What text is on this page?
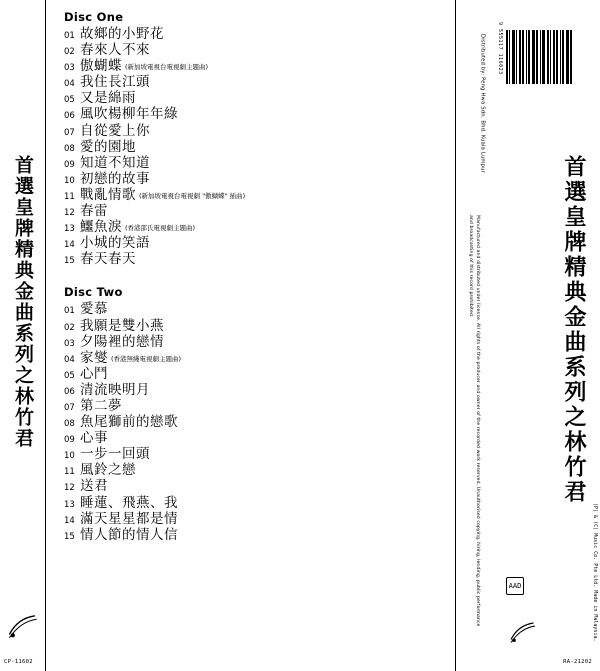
首選皇牌精典金曲系列之林竹君
CP-11602
Disc One
01 故鄉的小野花
02 春來人不來
03 傲蝴蝶 (新加坡電視台電視劇主題曲)
04 我住長江頭
05 又是綿雨
06 風吹楊柳年年綠
07 自從愛上你
08 愛的園地
09 知道不知道
10 初戀的故事
11 戰亂情歌 (新加坡電視台電視劇 "傲蝴蝶" 插曲)
12 春雷
13 鱷魚淚 (香港邵氏電視劇主題曲)
14 小城的笑語
15 春天春天
Disc Two
01 愛慕
02 我願是雙小燕
03 夕陽裡的戀情
04 家燮 (香港無綫電視劇主題曲)
05 心鬥
06 清流映明月
07 第二夢
08 魚尾獅前的戀歌
09 心事
10 一步一回頭
11 風鈴之戀
12 送君
13 睡蓮、飛燕、我
14 滿天星星都是情
15 情人節的情人信
9 555117 116023
Distributed by: Peng Hwa Sdn. Bhd. Kuala Lumpur
首選皇牌精典金曲系列之林竹君
Manufactured and distributed under license. All rights of the producer and owner of the recorded work reserved. Unauthorised copying, hiring, lending, public performance and broadcasting of this record prohibited.
AAD	(P) & (C) Music Co. Pte Ltd. Made in Malaysia.
RA-21202
